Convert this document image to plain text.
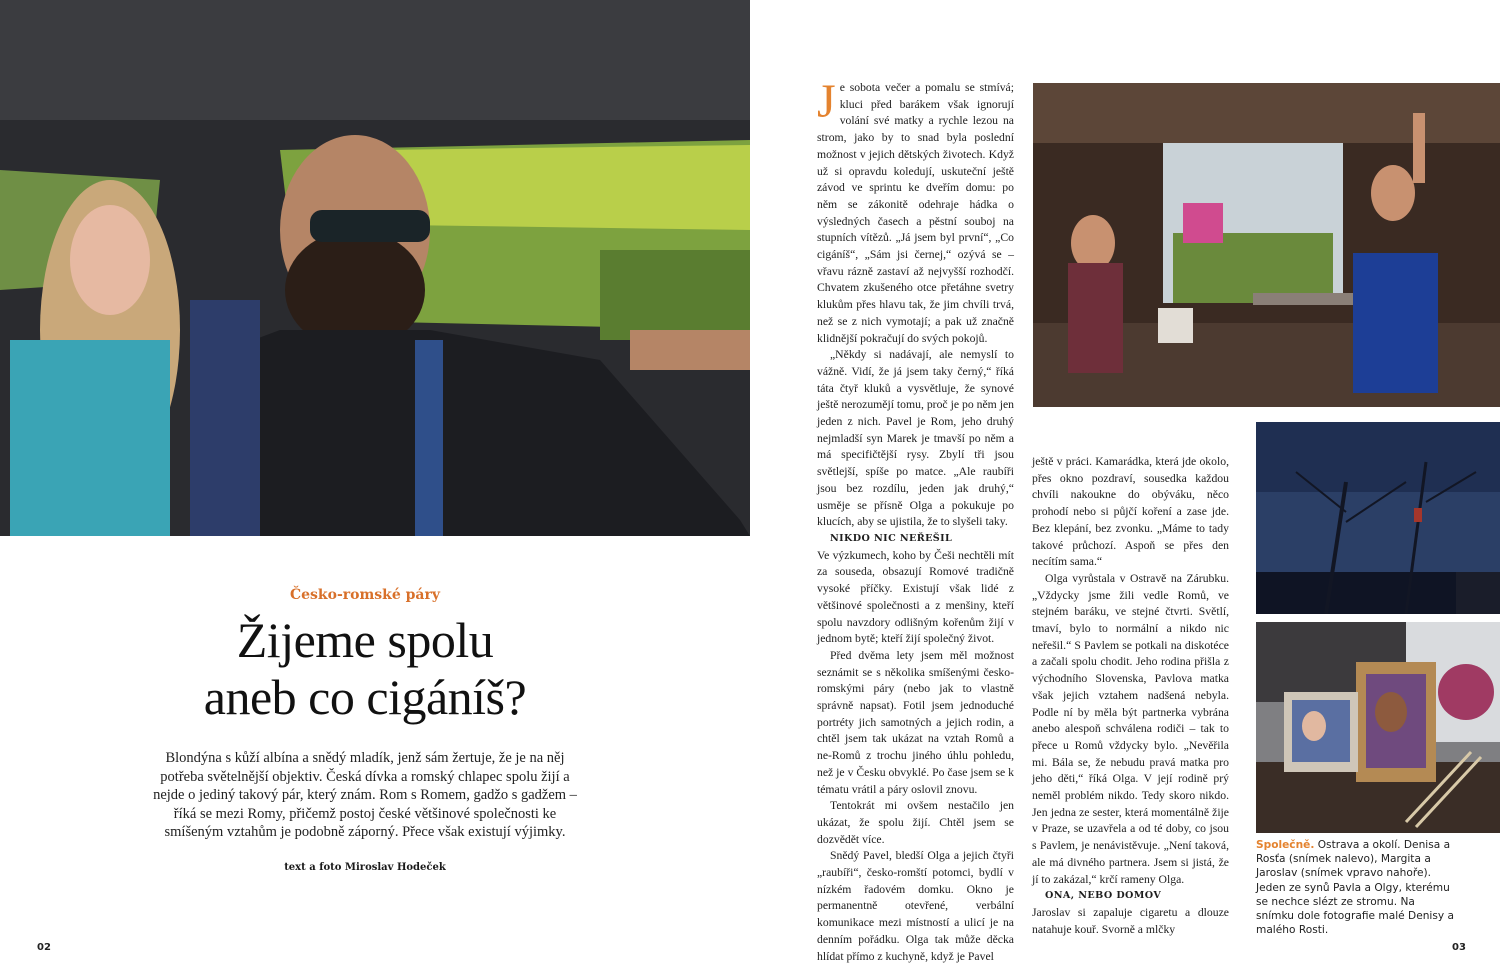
Česko-romské páry
Žijeme spolu
aneb co cigáníš?
Blondýna s kůží albína a snědý mladík, jenž sám žertuje, že je na něj potřeba světelnější objektiv. Česká dívka a romský chlapec spolu žijí a nejde o jediný takový pár, který znám. Rom s Romem, gadžo s gadžem – říká se mezi Romy, přičemž postoj české většinové společnosti ke smíšeným vztahům je podobně záporný. Přece však existují výjimky.
text a foto Miroslav Hodeček
02	03

Je sobota večer a pomalu se stmívá; kluci před barákem však ignorují volání své matky a rychle lezou na strom, jako by to snad byla poslední možnost v jejich dětských životech. Když už si opravdu koledují, uskuteční ještě závod ve sprintu ke dveřím domu: po něm se zákonitě odehraje hádka o výsledných časech a pěstní souboj na stupních vítězů. „Já jsem byl první“, „Co cigáníš“, „Sám jsi černej,“ ozývá se – vřavu rázně zastaví až nejvyšší rozhodčí. Chvatem zkušeného otce přetáhne svetry klukům přes hlavu tak, že jim chvíli trvá, než se z nich vymotají; a pak už značně klidnější pokračují do svých pokojů.

„Někdy si nadávají, ale nemyslí to vážně. Vidí, že já jsem taky černý,“ říká táta čtyř kluků a vysvětluje, že synové ještě nerozumějí tomu, proč je po něm jen jeden z nich. Pavel je Rom, jeho druhý nejmladší syn Marek je tmavší po něm a má specifičtější rysy. Zbylí tři jsou světlejší, spíše po matce. „Ale raubíři jsou bez rozdílu, jeden jak druhý,“ usměje se přísně Olga a pokukuje po klucích, aby se ujistila, že to slyšeli taky.

NIKDO NIC NEŘEŠIL

Ve výzkumech, koho by Češi nechtěli mít za souseda, obsazují Romové tradičně vysoké příčky. Existují však lidé z většinové společnosti a z menšiny, kteří spolu navzdory odlišným kořenům žijí v jednom bytě; kteří žijí společný život.

Před dvěma lety jsem měl možnost seznámit se s několika smíšenými česko-romskými páry (nebo jak to vlastně správně napsat). Fotil jsem jednoduché portréty jich samotných a jejich rodin, a chtěl jsem tak ukázat na vztah Romů a ne-Romů z trochu jiného úhlu pohledu, než je v Česku obvyklé. Po čase jsem se k tématu vrátil a páry oslovil znovu.

Tentokrát mi ovšem nestačilo jen ukázat, že spolu žijí. Chtěl jsem se dozvědět více.

Snědý Pavel, bledší Olga a jejich čtyři „raubíři“, česko-romští potomci, bydlí v nízkém řadovém domku. Okno je permanentně otevřené, verbální komunikace mezi místností a ulicí je na denním pořádku. Olga tak může děcka hlídat přímo z kuchyně, když je Pavel

ještě v práci. Kamarádka, která jde okolo, přes okno pozdraví, sousedka každou chvíli nakoukne do obýváku, něco prohodí nebo si půjčí koření a zase jde. Bez klepání, bez zvonku. „Máme to tady takové průchozí. Aspoň se přes den necítím sama.“

Olga vyrůstala v Ostravě na Zárubku. „Vždycky jsme žili vedle Romů, ve stejném baráku, ve stejné čtvrti. Světlí, tmaví, bylo to normální a nikdo nic neřešil.“ S Pavlem se potkali na diskotéce a začali spolu chodit. Jeho rodina přišla z východního Slovenska, Pavlova matka však jejich vztahem nadšená nebyla. Podle ní by měla být partnerka vybrána anebo alespoň schválena rodiči – tak to přece u Romů vždycky bylo. „Nevěřila mi. Bála se, že nebudu pravá matka pro jeho děti,“ říká Olga. V její rodině prý neměl problém nikdo. Tedy skoro nikdo. Jen jedna ze sester, která momentálně žije v Praze, se uzavřela a od té doby, co jsou s Pavlem, je nenávistěvuje. „Není taková, ale má divného partnera. Jsem si jistá, že jí to zakázal,“ krčí rameny Olga.

ONA, NEBO DOMOV

Jaroslav si zapaluje cigaretu a dlouze natahuje kouř. Svorně a mlčky

Společně. Ostrava a okolí. Denisa a Rosťa (snímek nalevo), Margita a Jaroslav (snímek vpravo nahoře). Jeden ze synů Pavla a Olgy, kterému se nechce slézt ze stromu. Na snímku dole fotografie malé Denisy a malého Rosti.
